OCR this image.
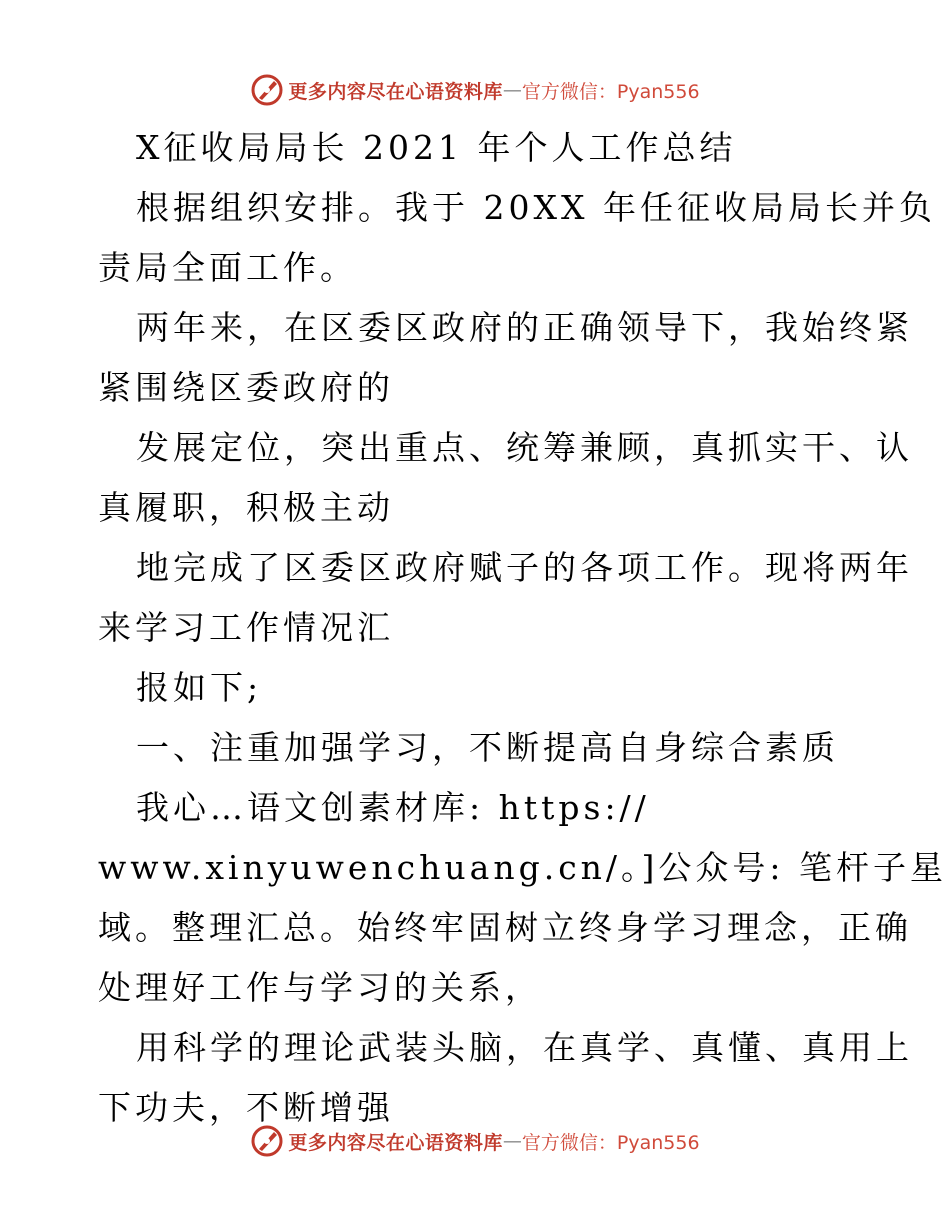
更多内容尽在心语资料库 — 官方微信：Pyan556
X征收局局长 2021 年个人工作总结
根据组织安排。我于 20XX 年任征收局局长并负
责局全面工作。
两年来，在区委区政府的正确领导下，我始终紧
紧围绕区委政府的
发展定位，突出重点、统筹兼顾，真抓实干、认
真履职，积极主动
地完成了区委区政府赋子的各项工作。现将两年
来学习工作情况汇
报如下;
一、注重加强学习，不断提高自身综合素质
我心…语文创素材库: https://
www.xinyuwenchuang.cn/。]公众号: 笔杆子星
域。整理汇总。始终牢固树立终身学习理念，正确
处理好工作与学习的关系，
用科学的理论武装头脑，在真学、真懂、真用上
下功夫，不断增强
更多内容尽在心语资料库 — 官方微信：Pyan556
